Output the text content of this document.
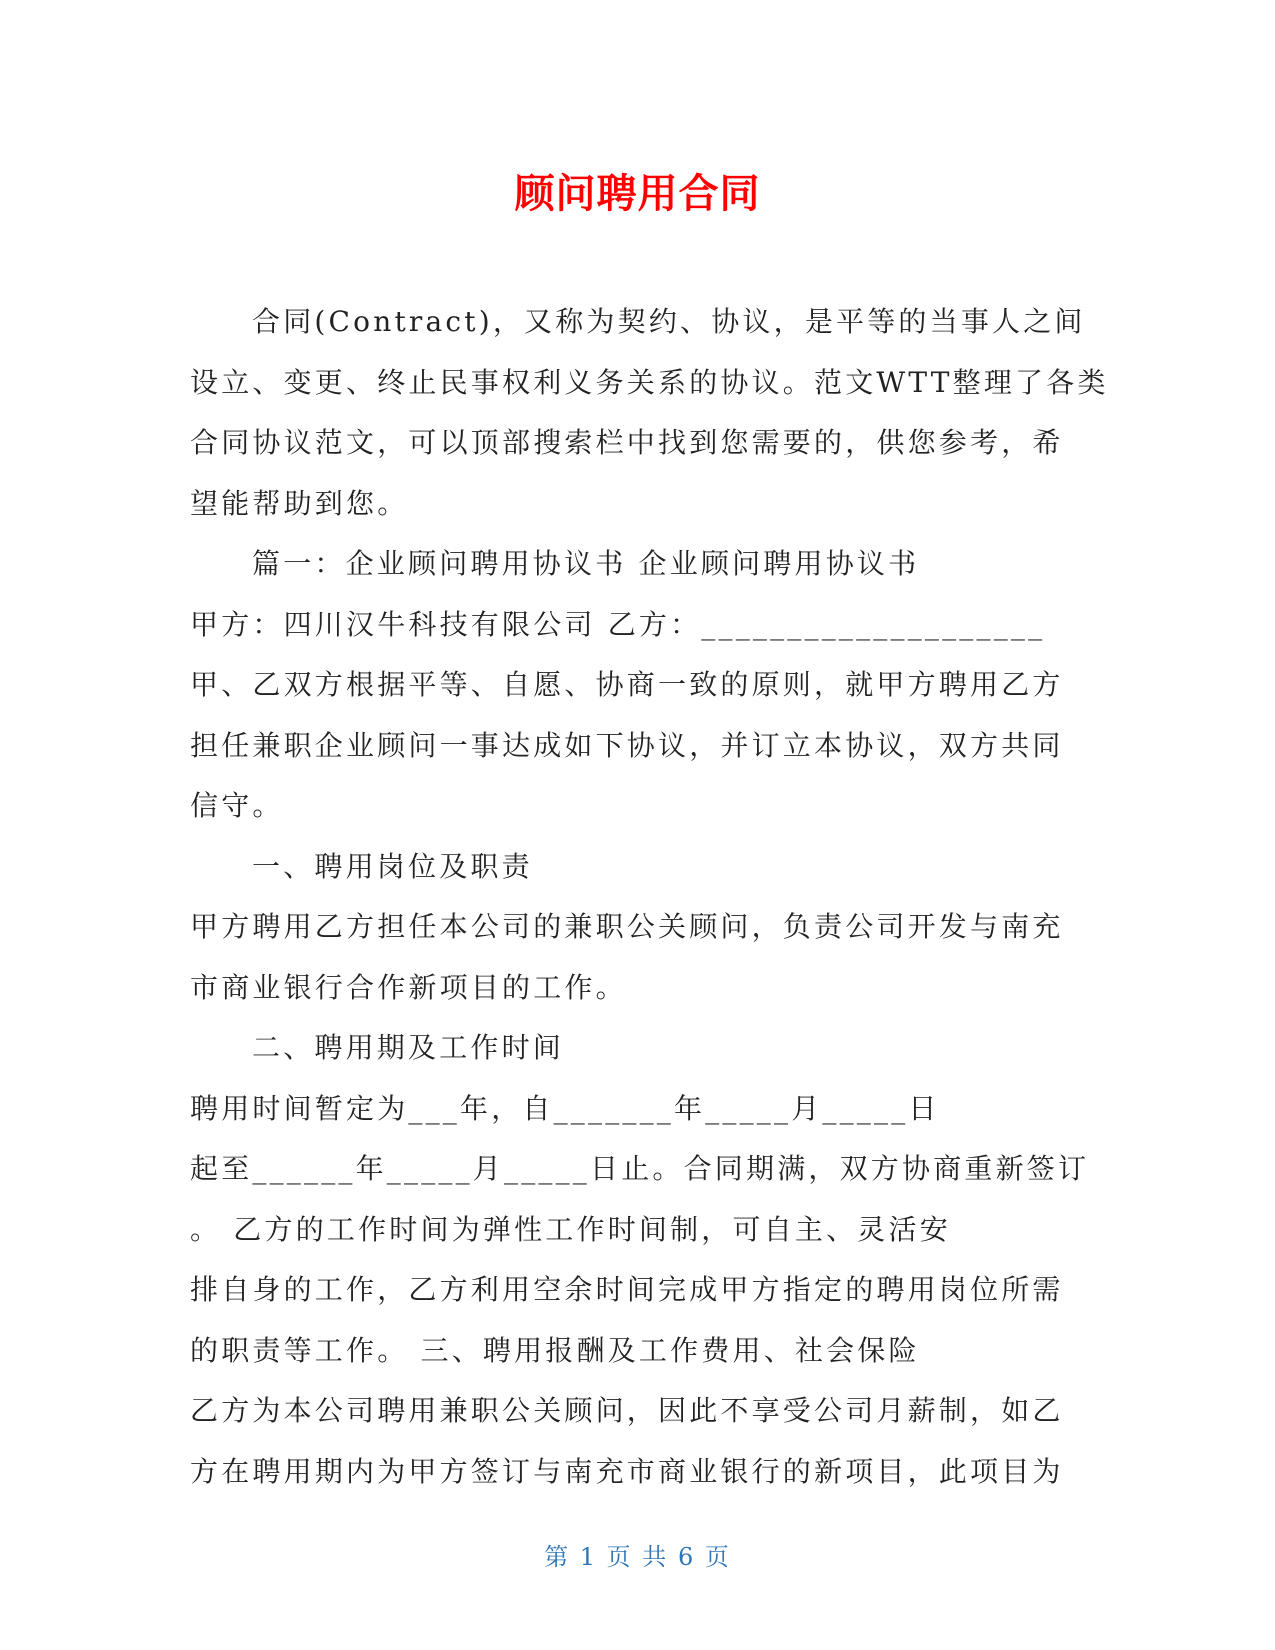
顾问聘用合同
合同(Contract)，又称为契约、协议，是平等的当事人之间
设立、变更、终止民事权利义务关系的协议。范文WTT整理了各类
合同协议范文，可以顶部搜索栏中找到您需要的，供您参考，希
望能帮助到您。
篇一：企业顾问聘用协议书 企业顾问聘用协议书
甲方：四川汉牛科技有限公司 乙方：____________________
甲、乙双方根据平等、自愿、协商一致的原则，就甲方聘用乙方
担任兼职企业顾问一事达成如下协议，并订立本协议，双方共同
信守。
一、聘用岗位及职责
甲方聘用乙方担任本公司的兼职公关顾问，负责公司开发与南充
市商业银行合作新项目的工作。
二、聘用期及工作时间
聘用时间暂定为___年，自_______年_____月_____日
起至______年_____月_____日止。合同期满，双方协商重新签订
。 乙方的工作时间为弹性工作时间制，可自主、灵活安
排自身的工作，乙方利用空余时间完成甲方指定的聘用岗位所需
的职责等工作。 三、聘用报酬及工作费用、社会保险
乙方为本公司聘用兼职公关顾问，因此不享受公司月薪制，如乙
方在聘用期内为甲方签订与南充市商业银行的新项目，此项目为
第 1 页 共 6 页
